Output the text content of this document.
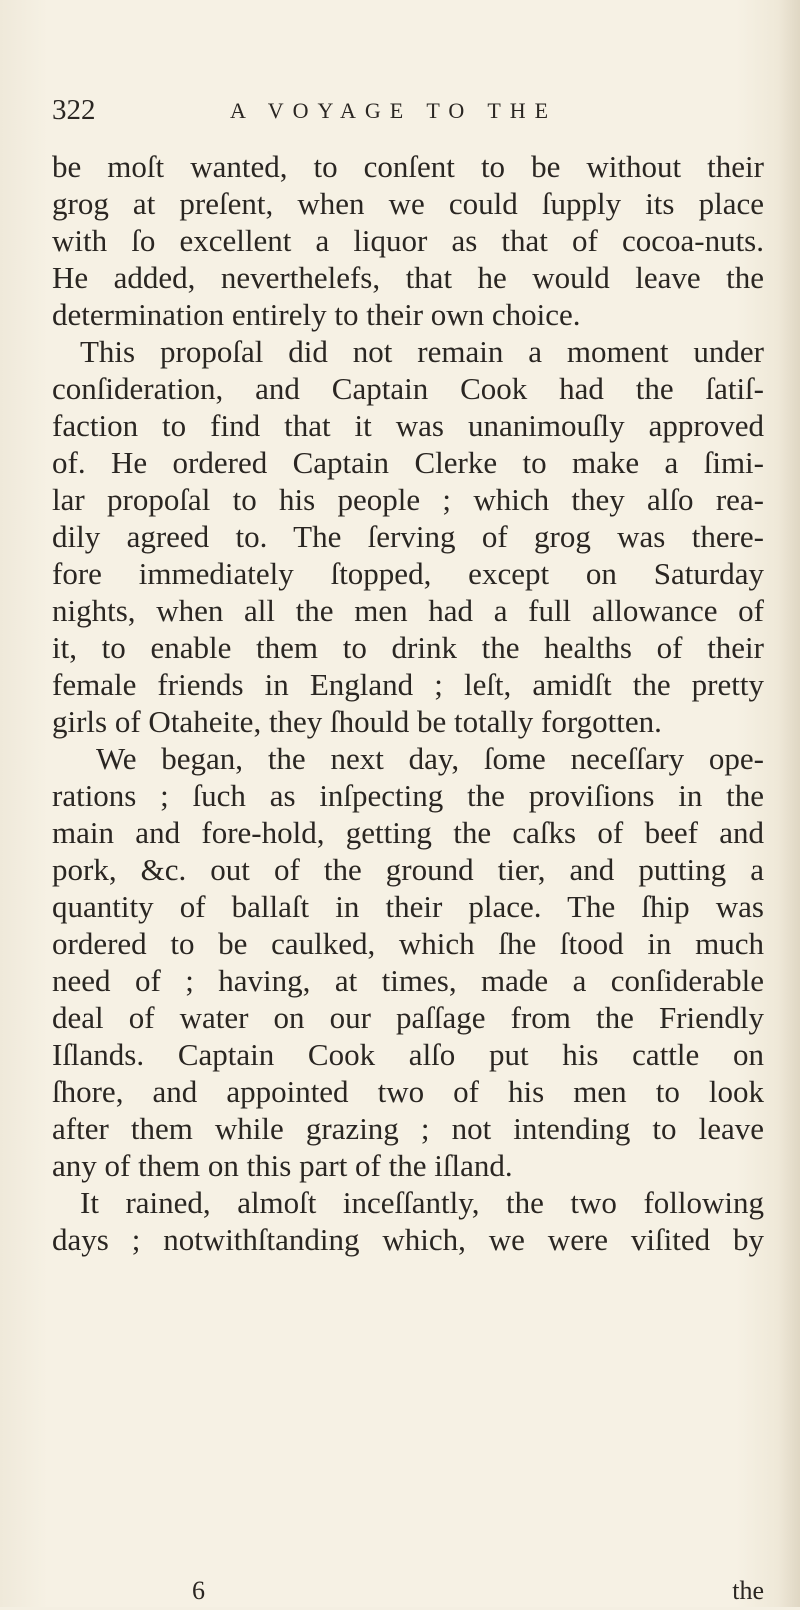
322	A VOYAGE TO THE
be moſt wanted, to conſent to be without their
grog at preſent, when we could ſupply its place
with ſo excellent a liquor as that of cocoa-nuts.
He added, neverthelefs, that he would leave the
determination entirely to their own choice.
This propoſal did not remain a moment under
conſideration, and Captain Cook had the ſatiſ-
faction to find that it was unanimouſly approved
of. He ordered Captain Clerke to make a ſimi-
lar propoſal to his people ; which they alſo rea-
dily agreed to. The ſerving of grog was there-
fore immediately ſtopped, except on Saturday
nights, when all the men had a full allowance of
it, to enable them to drink the healths of their
female friends in England ; leſt, amidſt the pretty
girls of Otaheite, they ſhould be totally forgotten.
We began, the next day, ſome neceſſary ope-
rations ; ſuch as inſpecting the proviſions in the
main and fore-hold, getting the caſks of beef and
pork, &c. out of the ground tier, and putting a
quantity of ballaſt in their place. The ſhip was
ordered to be caulked, which ſhe ſtood in much
need of ; having, at times, made a conſiderable
deal of water on our paſſage from the Friendly
Iſlands. Captain Cook alſo put his cattle on
ſhore, and appointed two of his men to look
after them while grazing ; not intending to leave
any of them on this part of the iſland.
It rained, almoſt inceſſantly, the two following
days ; notwithſtanding which, we were viſited by
6	the
